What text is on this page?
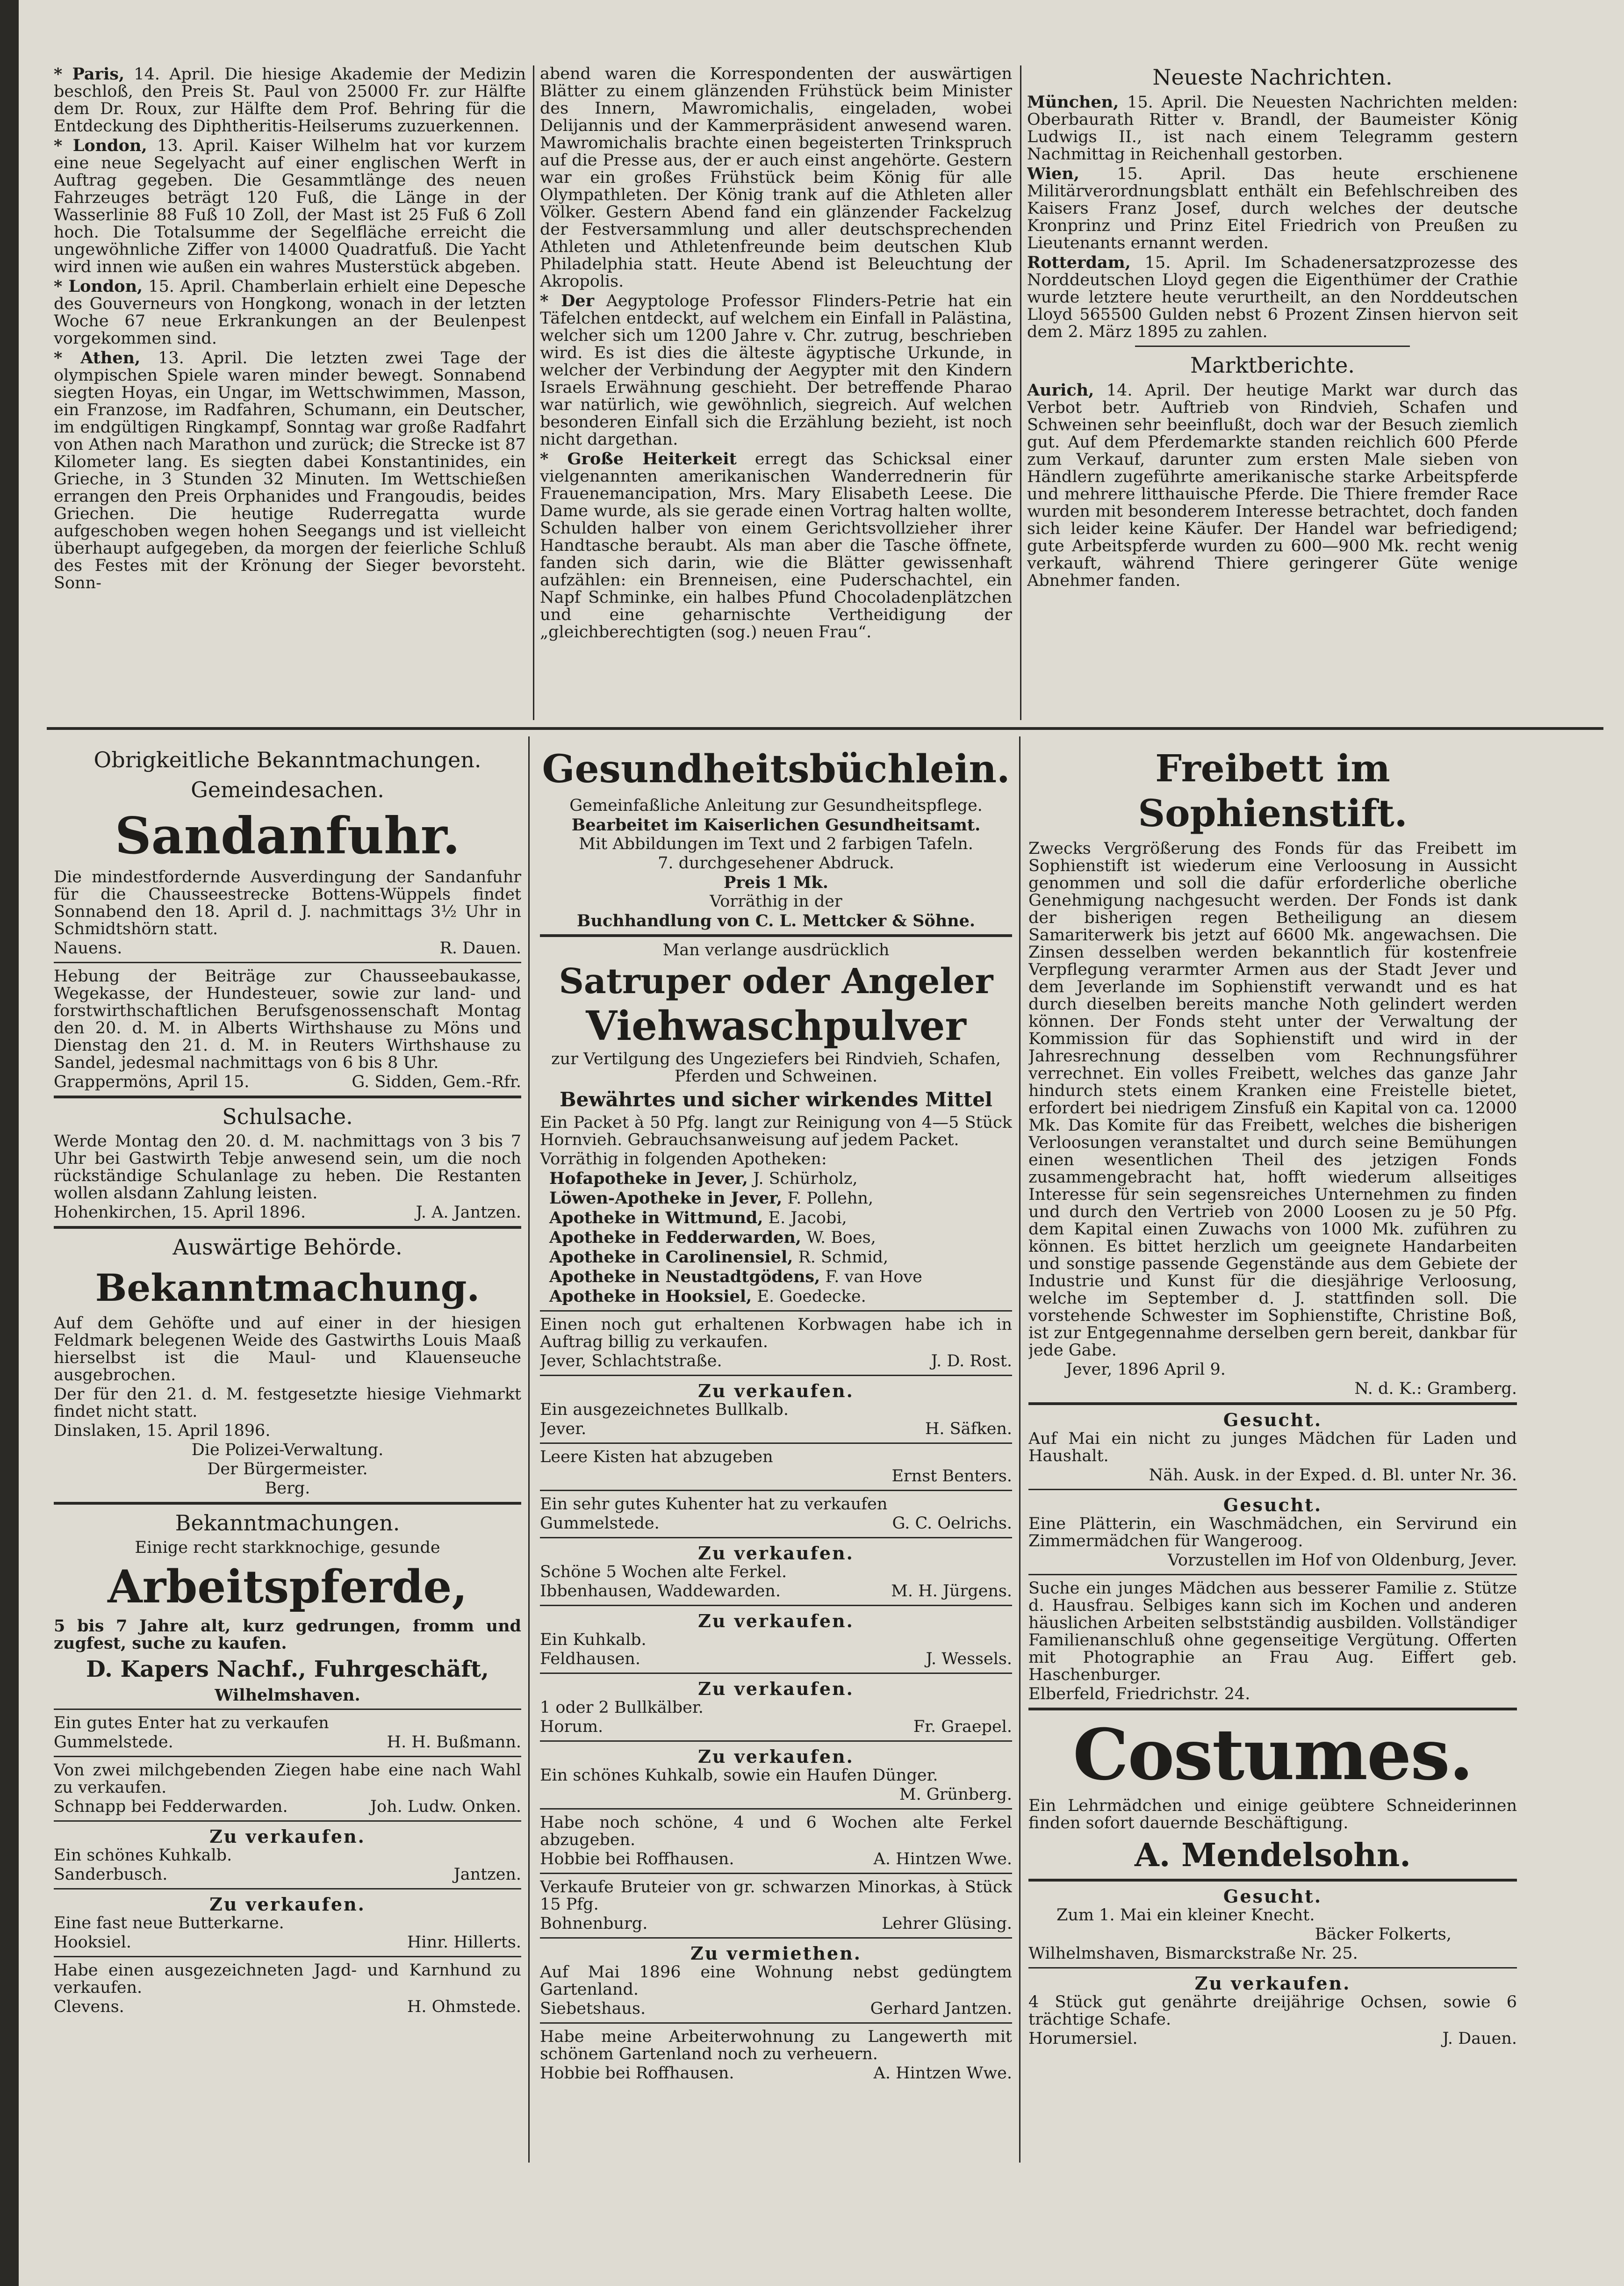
* Paris, 14. April. Die hiesige Akademie der Medizin beschloß, den Preis St. Paul von 25000 Fr. zur Hälfte dem Dr. Roux, zur Hälfte dem Prof. Behring für die Entdeckung des Diphtheritis-Heilserums zuzuerkennen.

* London, 13. April. Kaiser Wilhelm hat vor kurzem eine neue Segelyacht auf einer englischen Werft in Auftrag gegeben. Die Gesammtlänge des neuen Fahrzeuges beträgt 120 Fuß, die Länge in der Wasserlinie 88 Fuß 10 Zoll, der Mast ist 25 Fuß 6 Zoll hoch. Die Totalsumme der Segelfläche erreicht die ungewöhnliche Ziffer von 14000 Quadratfuß. Die Yacht wird innen wie außen ein wahres Musterstück abgeben.

* London, 15. April. Chamberlain erhielt eine Depesche des Gouverneurs von Hongkong, wonach in der letzten Woche 67 neue Erkrankungen an der Beulenpest vorgekommen sind.

* Athen, 13. April. Die letzten zwei Tage der olympischen Spiele waren minder bewegt. Sonnabend siegten Hoyas, ein Ungar, im Wettschwimmen, Masson, ein Franzose, im Radfahren, Schumann, ein Deutscher, im endgültigen Ringkampf, Sonntag war große Radfahrt von Athen nach Marathon und zurück; die Strecke ist 87 Kilometer lang. Es siegten dabei Konstantinides, ein Grieche, in 3 Stunden 32 Minuten. Im Wettschießen errangen den Preis Orphanides und Frangoudis, beides Griechen. Die heutige Ruderregatta wurde aufgeschoben wegen hohen Seegangs und ist vielleicht überhaupt aufgegeben, da morgen der feierliche Schluß des Festes mit der Krönung der Sieger bevorsteht. Sonn-

abend waren die Korrespondenten der auswärtigen Blätter zu einem glänzenden Frühstück beim Minister des Innern, Mawromichalis, eingeladen, wobei Delijannis und der Kammerpräsident anwesend waren. Mawromichalis brachte einen begeisterten Trinkspruch auf die Presse aus, der er auch einst angehörte. Gestern war ein großes Frühstück beim König für alle Olympathleten. Der König trank auf die Athleten aller Völker. Gestern Abend fand ein glänzender Fackelzug der Festversammlung und aller deutschsprechenden Athleten und Athletenfreunde beim deutschen Klub Philadelphia statt. Heute Abend ist Beleuchtung der Akropolis.

* Der Aegyptologe Professor Flinders-Petrie hat ein Täfelchen entdeckt, auf welchem ein Einfall in Palästina, welcher sich um 1200 Jahre v. Chr. zutrug, beschrieben wird. Es ist dies die älteste ägyptische Urkunde, in welcher der Verbindung der Aegypter mit den Kindern Israels Erwähnung geschieht. Der betreffende Pharao war natürlich, wie gewöhnlich, siegreich. Auf welchen besonderen Einfall sich die Erzählung bezieht, ist noch nicht dargethan.

* Große Heiterkeit erregt das Schicksal einer vielgenannten amerikanischen Wanderrednerin für Frauenemancipation, Mrs. Mary Elisabeth Leese. Die Dame wurde, als sie gerade einen Vortrag halten wollte, Schulden halber von einem Gerichtsvollzieher ihrer Handtasche beraubt. Als man aber die Tasche öffnete, fanden sich darin, wie die Blätter gewissenhaft aufzählen: ein Brenneisen, eine Puderschachtel, ein Napf Schminke, ein halbes Pfund Chocoladenplätzchen und eine geharnischte Vertheidigung der „gleichberechtigten (sog.) neuen Frau“.

Neueste Nachrichten.

München, 15. April. Die Neuesten Nachrichten melden: Oberbaurath Ritter v. Brandl, der Baumeister König Ludwigs II., ist nach einem Telegramm gestern Nachmittag in Reichenhall gestorben.

Wien, 15. April. Das heute erschienene Militärverordnungsblatt enthält ein Befehlschreiben des Kaisers Franz Josef, durch welches der deutsche Kronprinz und Prinz Eitel Friedrich von Preußen zu Lieutenants ernannt werden.

Rotterdam, 15. April. Im Schadenersatzprozesse des Norddeutschen Lloyd gegen die Eigenthümer der Crathie wurde letztere heute verurtheilt, an den Norddeutschen Lloyd 565500 Gulden nebst 6 Prozent Zinsen hiervon seit dem 2. März 1895 zu zahlen.

Marktberichte.

Aurich, 14. April. Der heutige Markt war durch das Verbot betr. Auftrieb von Rindvieh, Schafen und Schweinen sehr beeinflußt, doch war der Besuch ziemlich gut. Auf dem Pferdemarkte standen reichlich 600 Pferde zum Verkauf, darunter zum ersten Male sieben von Händlern zugeführte amerikanische starke Arbeitspferde und mehrere litthauische Pferde. Die Thiere fremder Race wurden mit besonderem Interesse betrachtet, doch fanden sich leider keine Käufer. Der Handel war befriedigend; gute Arbeitspferde wurden zu 600—900 Mk. recht wenig verkauft, während Thiere geringerer Güte wenige Abnehmer fanden.

Obrigkeitliche Bekanntmachungen.
Gemeindesachen.
Sandanfuhr.

Die mindestfordernde Ausverdingung der Sandanfuhr für die Chausseestrecke Bottens-Wüppels findet Sonnabend den 18. April d. J. nachmittags 3½ Uhr in Schmidtshörn statt.

Nauens.	R. Dauen.

Hebung der Beiträge zur Chausseebaukasse, Wegekasse, der Hundesteuer, sowie zur land- und forstwirthschaftlichen Berufsgenossenschaft Montag den 20. d. M. in Alberts Wirthshause zu Möns und Dienstag den 21. d. M. in Reuters Wirthshause zu Sandel, jedesmal nachmittags von 6 bis 8 Uhr.

Grappermöns, April 15.	G. Sidden, Gem.-Rfr.
Schulsache.

Werde Montag den 20. d. M. nachmittags von 3 bis 7 Uhr bei Gastwirth Tebje anwesend sein, um die noch rückständige Schulanlage zu heben. Die Restanten wollen alsdann Zahlung leisten.

Hohenkirchen, 15. April 1896.	J. A. Jantzen.
Auswärtige Behörde.
Bekanntmachung.

Auf dem Gehöfte und auf einer in der hiesigen Feldmark belegenen Weide des Gastwirths Louis Maaß hierselbst ist die Maul- und Klauenseuche ausgebrochen.

Der für den 21. d. M. festgesetzte hiesige Viehmarkt findet nicht statt.

Dinslaken, 15. April 1896.

Die Polizei-Verwaltung.

Der Bürgermeister.

Berg.

Bekanntmachungen.

Einige recht starkknochige, gesunde

Arbeitspferde,

5 bis 7 Jahre alt, kurz gedrungen, fromm und zugfest, suche zu kaufen.

D. Kapers Nachf., Fuhrgeschäft,

Wilhelmshaven.

Ein gutes Enter hat zu verkaufen

Gummelstede.	H. H. Bußmann.

Von zwei milchgebenden Ziegen habe eine nach Wahl zu verkaufen.

Schnapp bei Fedderwarden.	Joh. Ludw. Onken.
Zu verkaufen.

Ein schönes Kuhkalb.

Sanderbusch.	Jantzen.
Zu verkaufen.

Eine fast neue Butterkarne.

Hooksiel.	Hinr. Hillerts.

Habe einen ausgezeichneten Jagd- und Karnhund zu verkaufen.

Clevens.	H. Ohmstede.
Gesundheitsbüchlein.

Gemeinfaßliche Anleitung zur Gesundheitspflege.

Bearbeitet im Kaiserlichen Gesundheitsamt.

Mit Abbildungen im Text und 2 farbigen Tafeln.

7. durchgesehener Abdruck.

Preis 1 Mk.

Vorräthig in der

Buchhandlung von C. L. Mettcker & Söhne.

Man verlange ausdrücklich

Satruper oder Angeler
Viehwaschpulver

zur Vertilgung des Ungeziefers bei Rindvieh, Schafen, Pferden und Schweinen.

Bewährtes und sicher wirkendes Mittel

Ein Packet à 50 Pfg. langt zur Reinigung von 4—5 Stück Hornvieh. Gebrauchsanweisung auf jedem Packet.

Vorräthig in folgenden Apotheken:

Hofapotheke in Jever, J. Schürholz,

Löwen-Apotheke in Jever, F. Pollehn,

Apotheke in Wittmund, E. Jacobi,

Apotheke in Fedderwarden, W. Boes,

Apotheke in Carolinensiel, R. Schmid,

Apotheke in Neustadtgödens, F. van Hove

Apotheke in Hooksiel, E. Goedecke.

Einen noch gut erhaltenen Korbwagen habe ich in Auftrag billig zu verkaufen.

Jever, Schlachtstraße.	J. D. Rost.
Zu verkaufen.

Ein ausgezeichnetes Bullkalb.

Jever.	H. Säfken.

Leere Kisten hat abzugeben

Ernst Benters.

Ein sehr gutes Kuhenter hat zu verkaufen

Gummelstede.	G. C. Oelrichs.
Zu verkaufen.

Schöne 5 Wochen alte Ferkel.

Ibbenhausen, Waddewarden.	M. H. Jürgens.
Zu verkaufen.

Ein Kuhkalb.

Feldhausen.	J. Wessels.
Zu verkaufen.

1 oder 2 Bullkälber.

Horum.	Fr. Graepel.
Zu verkaufen.

Ein schönes Kuhkalb, sowie ein Haufen Dünger.

M. Grünberg.

Habe noch schöne, 4 und 6 Wochen alte Ferkel abzugeben.

Hobbie bei Roffhausen.	A. Hintzen Wwe.

Verkaufe Bruteier von gr. schwarzen Minorkas, à Stück 15 Pfg.

Bohnenburg.	Lehrer Glüsing.
Zu vermiethen.

Auf Mai 1896 eine Wohnung nebst gedüngtem Gartenland.

Siebetshaus.	Gerhard Jantzen.

Habe meine Arbeiterwohnung zu Langewerth mit schönem Gartenland noch zu verheuern.

Hobbie bei Roffhausen.	A. Hintzen Wwe.
Freibett im Sophienstift.

Zwecks Vergrößerung des Fonds für das Freibett im Sophienstift ist wiederum eine Verloosung in Aussicht genommen und soll die dafür erforderliche oberliche Genehmigung nachgesucht werden. Der Fonds ist dank der bisherigen regen Betheiligung an diesem Samariterwerk bis jetzt auf 6600 Mk. angewachsen. Die Zinsen desselben werden bekanntlich für kostenfreie Verpflegung verarmter Armen aus der Stadt Jever und dem Jeverlande im Sophienstift verwandt und es hat durch dieselben bereits manche Noth gelindert werden können. Der Fonds steht unter der Verwaltung der Kommission für das Sophienstift und wird in der Jahresrechnung desselben vom Rechnungsführer verrechnet. Ein volles Freibett, welches das ganze Jahr hindurch stets einem Kranken eine Freistelle bietet, erfordert bei niedrigem Zinsfuß ein Kapital von ca. 12000 Mk. Das Komite für das Freibett, welches die bisherigen Verloosungen veranstaltet und durch seine Bemühungen einen wesentlichen Theil des jetzigen Fonds zusammengebracht hat, hofft wiederum allseitiges Interesse für sein segensreiches Unternehmen zu finden und durch den Vertrieb von 2000 Loosen zu je 50 Pfg. dem Kapital einen Zuwachs von 1000 Mk. zuführen zu können. Es bittet herzlich um geeignete Handarbeiten und sonstige passende Gegenstände aus dem Gebiete der Industrie und Kunst für die diesjährige Verloosung, welche im September d. J. stattfinden soll. Die vorstehende Schwester im Sophienstifte, Christine Boß, ist zur Entgegennahme derselben gern bereit, dankbar für jede Gabe.

Jever, 1896 April 9.

N. d. K.: Gramberg.

Gesucht.

Auf Mai ein nicht zu junges Mädchen für Laden und Haushalt.

Näh. Ausk. in der Exped. d. Bl. unter Nr. 36.

Gesucht.

Eine Plätterin, ein Waschmädchen, ein Servirund ein Zimmermädchen für Wangeroog.

Vorzustellen im Hof von Oldenburg, Jever.

Suche ein junges Mädchen aus besserer Familie z. Stütze d. Hausfrau. Selbiges kann sich im Kochen und anderen häuslichen Arbeiten selbstständig ausbilden. Vollständiger Familienanschluß ohne gegenseitige Vergütung. Offerten mit Photographie an Frau Aug. Eiffert geb. Haschenburger.

Elberfeld, Friedrichstr. 24.

Costumes.

Ein Lehrmädchen und einige geübtere Schneiderinnen finden sofort dauernde Beschäftigung.

A. Mendelsohn.
Gesucht.

Zum 1. Mai ein kleiner Knecht.

Bäcker Folkerts,

Wilhelmshaven, Bismarckstraße Nr. 25.

Zu verkaufen.

4 Stück gut genährte dreijährige Ochsen, sowie 6 trächtige Schafe.

Horumersiel.	J. Dauen.
